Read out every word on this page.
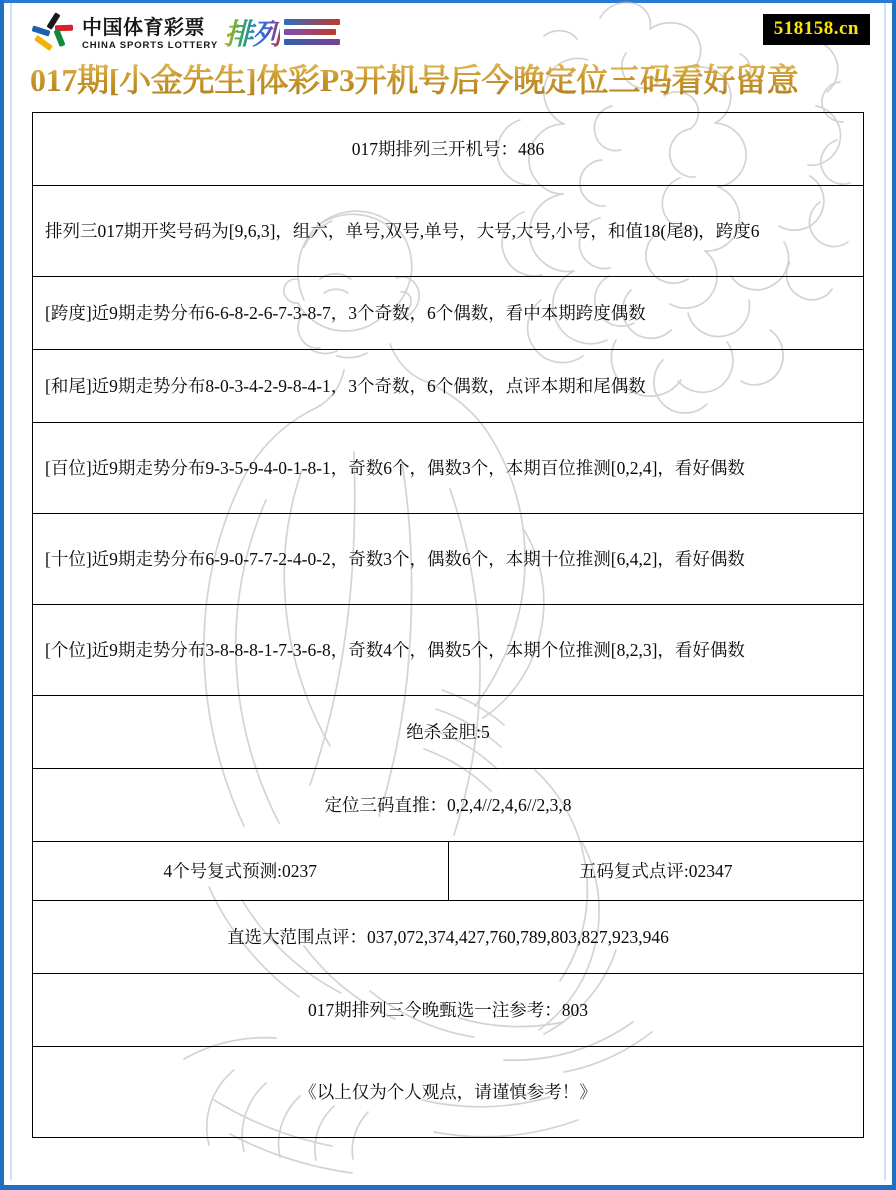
中国体育彩票
CHINA SPORTS LOTTERY 排列	518158.cn
017期[小金先生]体彩P3开机号后今晚定位三码看好留意
017期排列三开机号：486
排列三017期开奖号码为[9,6,3]，组六，单号,双号,单号，大号,大号,小号，和值18(尾8)，跨度6
[跨度]近9期走势分布6-6-8-2-6-7-3-8-7，3个奇数，6个偶数，看中本期跨度偶数
[和尾]近9期走势分布8-0-3-4-2-9-8-4-1，3个奇数，6个偶数，点评本期和尾偶数
[百位]近9期走势分布9-3-5-9-4-0-1-8-1，奇数6个，偶数3个，本期百位推测[0,2,4]，看好偶数
[十位]近9期走势分布6-9-0-7-7-2-4-0-2，奇数3个，偶数6个，本期十位推测[6,4,2]，看好偶数
[个位]近9期走势分布3-8-8-8-1-7-3-6-8，奇数4个，偶数5个，本期个位推测[8,2,3]，看好偶数
绝杀金胆:5
定位三码直推：0,2,4//2,4,6//2,3,8
4个号复式预测:0237	五码复式点评:02347
直选大范围点评：037,072,374,427,760,789,803,827,923,946
017期排列三今晚甄选一注参考：803
《以上仅为个人观点，请谨慎参考！》
